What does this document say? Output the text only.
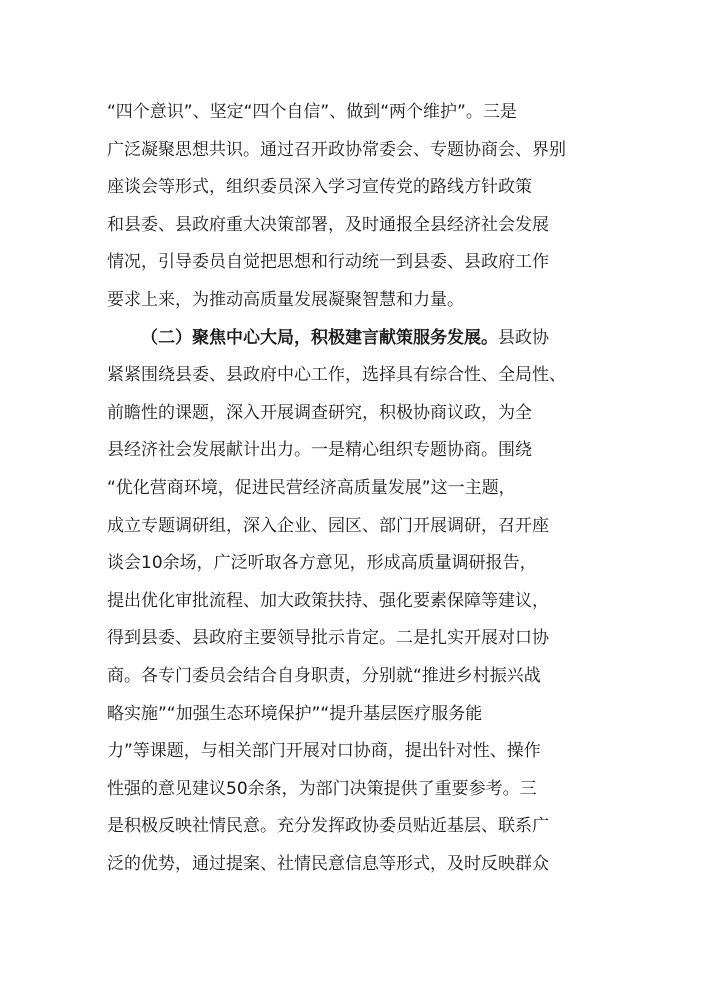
“四个意识”、坚定“四个自信”、做到“两个维护”。三是
广泛凝聚思想共识。通过召开政协常委会、专题协商会、界别
座谈会等形式，组织委员深入学习宣传党的路线方针政策
和县委、县政府重大决策部署，及时通报全县经济社会发展
情况，引导委员自觉把思想和行动统一到县委、县政府工作
要求上来，为推动高质量发展凝聚智慧和力量。
（二）聚焦中心大局，积极建言献策服务发展。县政协
紧紧围绕县委、县政府中心工作，选择具有综合性、全局性、
前瞻性的课题，深入开展调查研究，积极协商议政，为全
县经济社会发展献计出力。一是精心组织专题协商。围绕
“优化营商环境，促进民营经济高质量发展”这一主题，
成立专题调研组，深入企业、园区、部门开展调研，召开座
谈会10余场，广泛听取各方意见，形成高质量调研报告，
提出优化审批流程、加大政策扶持、强化要素保障等建议，
得到县委、县政府主要领导批示肯定。二是扎实开展对口协
商。各专门委员会结合自身职责，分别就“推进乡村振兴战
略实施”“加强生态环境保护”“提升基层医疗服务能
力”等课题，与相关部门开展对口协商，提出针对性、操作
性强的意见建议50余条，为部门决策提供了重要参考。三
是积极反映社情民意。充分发挥政协委员贴近基层、联系广
泛的优势，通过提案、社情民意信息等形式，及时反映群众
